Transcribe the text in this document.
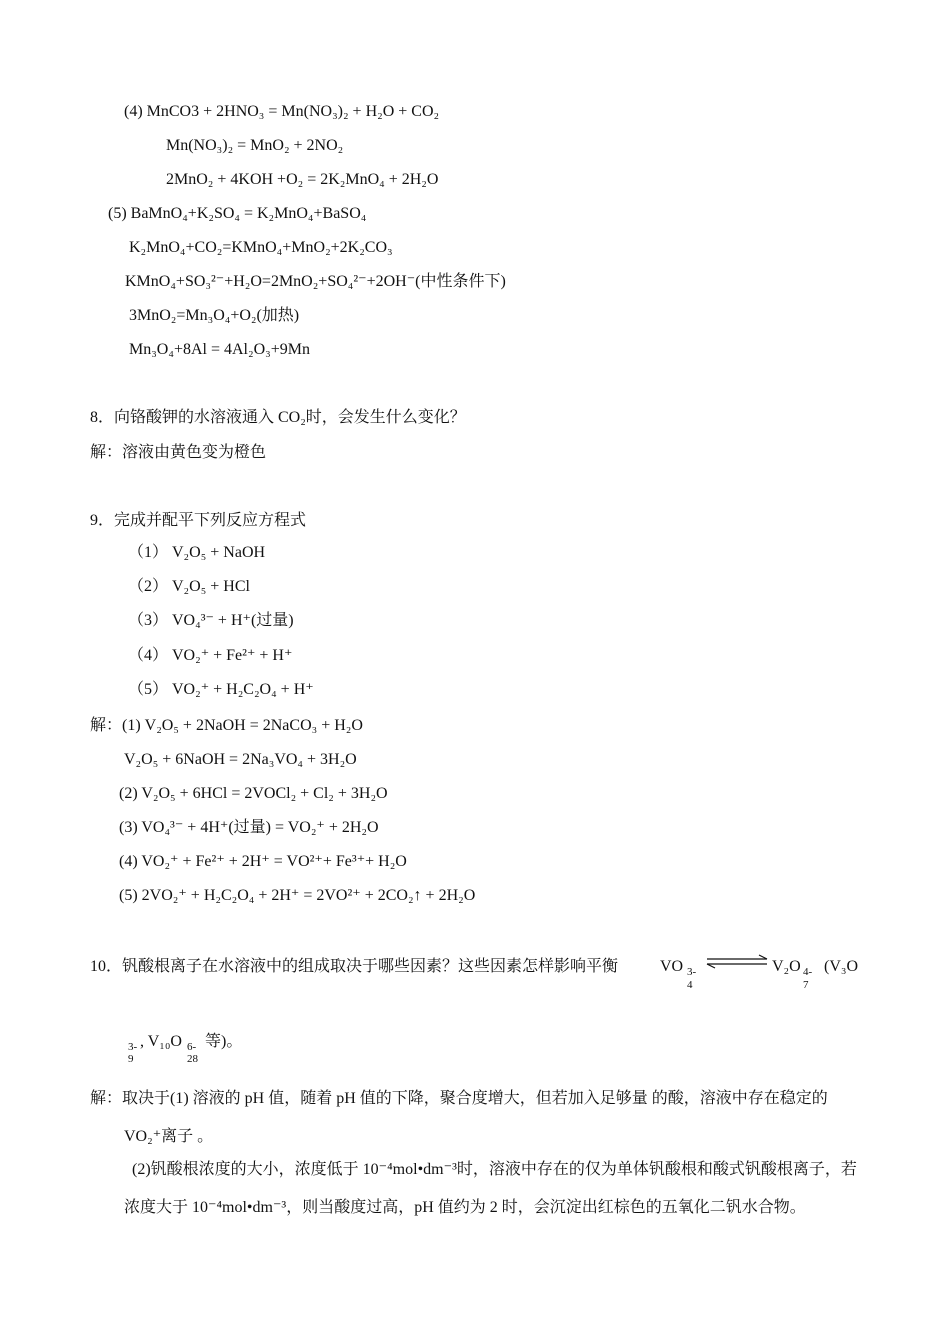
(4) MnCO3 + 2HNO₃ = Mn(NO₃)₂ + H₂O + CO₂
Mn(NO₃)₂ = MnO₂ + 2NO₂
2MnO₂ + 4KOH +O₂ = 2K₂MnO₄ + 2H₂O
(5) BaMnO₄+K₂SO₄ = K₂MnO₄+BaSO₄
K₂MnO₄+CO₂=KMnO₄+MnO₂+2K₂CO₃
KMnO₄+SO₃²⁻+H₂O=2MnO₂+SO₄²⁻+2OH⁻(中性条件下)
3MnO₂=Mn₃O₄+O₂(加热)
Mn₃O₄+8Al = 4Al₂O₃+9Mn
8．向铬酸钾的水溶液通入 CO₂时，会发生什么变化？
解：溶液由黄色变为橙色
9．完成并配平下列反应方程式
（1） V₂O₅ + NaOH
（2） V₂O₅ + HCl
（3） VO₄³⁻ + H⁺(过量)
（4） VO₂⁺ + Fe²⁺ + H⁺
（5） VO₂⁺ + H₂C₂O₄ + H⁺
解：(1) V₂O₅ + 2NaOH = 2NaCO₃ + H₂O
V₂O₅ + 6NaOH = 2Na₃VO₄ + 3H₂O
(2) V₂O₅ + 6HCl = 2VOCl₂ + Cl₂ + 3H₂O
(3) VO₄³⁻ + 4H⁺(过量) = VO₂⁺ + 2H₂O
(4) VO₂⁺ + Fe²⁺ + 2H⁺ = VO²⁺+ Fe³⁺+ H₂O
(5) 2VO₂⁺ + H₂C₂O₄ + 2H⁺ = 2VO²⁺ + 2CO₂↑ + 2H₂O
10．钒酸根离子在水溶液中的组成取决于哪些因素？这些因素怎样影响平衡	VO 3-
4
⇌ V₂O 4-
7
(V₃O
3-
9
, V₁₀O 6-
28
等)。
解：取决于(1) 溶液的 pH 值，随着 pH 值的下降，聚合度增大，但若加入足够量 的酸，溶液中存在稳定的
VO₂⁺离子 。
(2)钒酸根浓度的大小，浓度低于 10⁻⁴mol•dm⁻³时，溶液中存在的仅为单体钒酸根和酸式钒酸根离子，若
浓度大于 10⁻⁴mol•dm⁻³，则当酸度过高，pH 值约为 2 时，会沉淀出红棕色的五氧化二钒水合物。
